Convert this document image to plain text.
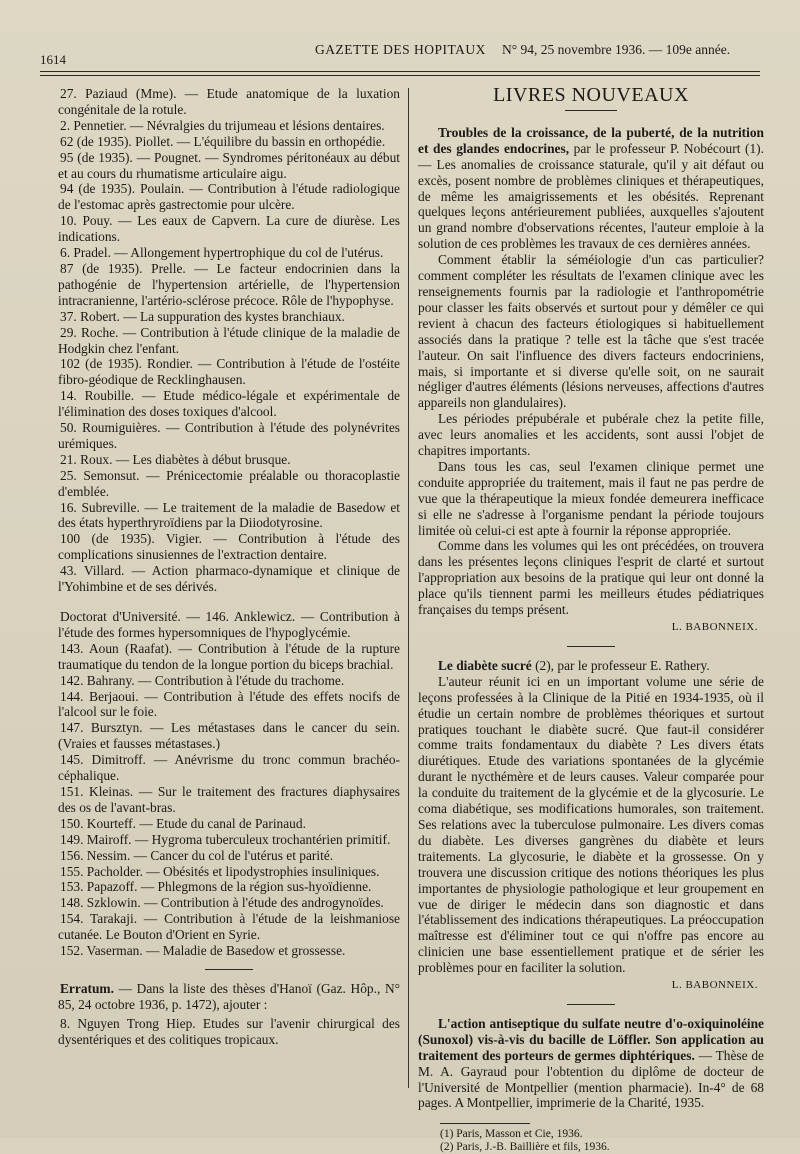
1614
GAZETTE DES HOPITAUX N° 94, 25 novembre 1936. — 109e année.
27. Paziaud (Mme). — Etude anatomique de la luxation congénitale de la rotule.
2. Pennetier. — Névralgies du trijumeau et lésions dentaires.
62 (de 1935). Piollet. — L'équilibre du bassin en orthopédie.
95 (de 1935). — Pougnet. — Syndromes péritonéaux au début et au cours du rhumatisme articulaire aigu.
94 (de 1935). Poulain. — Contribution à l'étude radiologique de l'estomac après gastrectomie pour ulcère.
10. Pouy. — Les eaux de Capvern. La cure de diurèse. Les indications.
6. Pradel. — Allongement hypertrophique du col de l'utérus.
87 (de 1935). Prelle. — Le facteur endocrinien dans la pathogénie de l'hypertension artérielle, de l'hypertension intracranienne, l'artério-sclérose précoce. Rôle de l'hypophyse.
37. Robert. — La suppuration des kystes branchiaux.
29. Roche. — Contribution à l'étude clinique de la maladie de Hodgkin chez l'enfant.
102 (de 1935). Rondier. — Contribution à l'étude de l'ostéite fibro-géodique de Recklinghausen.
14. Roubille. — Etude médico-légale et expérimentale de l'élimination des doses toxiques d'alcool.
50. Roumiguières. — Contribution à l'étude des polynévrites urémiques.
21. Roux. — Les diabètes à début brusque.
25. Semonsut. — Prénicectomie préalable ou thoracoplastie d'emblée.
16. Subreville. — Le traitement de la maladie de Basedow et des états hyperthryroïdiens par la Diiodotyrosine.
100 (de 1935). Vigier. — Contribution à l'étude des complications sinusiennes de l'extraction dentaire.
43. Villard. — Action pharmaco-dynamique et clinique de l'Yohimbine et de ses dérivés.
Doctorat d'Université. — 146. Anklewicz. — Contribution à l'étude des formes hypersomniques de l'hypoglycémie.
143. Aoun (Raafat). — Contribution à l'étude de la rupture traumatique du tendon de la longue portion du biceps brachial.
142. Bahrany. — Contribution à l'étude du trachome.
144. Berjaoui. — Contribution à l'étude des effets nocifs de l'alcool sur le foie.
147. Bursztyn. — Les métastases dans le cancer du sein. (Vraies et fausses métastases.)
145. Dimitroff. — Anévrisme du tronc commun brachéo-céphalique.
151. Kleinas. — Sur le traitement des fractures diaphysaires des os de l'avant-bras.
150. Kourteff. — Etude du canal de Parinaud.
149. Mairoff. — Hygroma tuberculeux trochantérien primitif.
156. Nessim. — Cancer du col de l'utérus et parité.
155. Pacholder. — Obésités et lipodystrophies insuliniques.
153. Papazoff. — Phlegmons de la région sus-hyoïdienne.
148. Szklowin. — Contribution à l'étude des androgynoïdes.
154. Tarakaji. — Contribution à l'étude de la leishmaniose cutanée. Le Bouton d'Orient en Syrie.
152. Vaserman. — Maladie de Basedow et grossesse.
Erratum. — Dans la liste des thèses d'Hanoï (Gaz. Hôp., N° 85, 24 octobre 1936, p. 1472), ajouter :
8. Nguyen Trong Hiep. Etudes sur l'avenir chirurgical des dysentériques et des colitiques tropicaux.
LIVRES NOUVEAUX
Troubles de la croissance, de la puberté, de la nutrition et des glandes endocrines, par le professeur P. Nobécourt (1). — Les anomalies de croissance staturale, qu'il y ait défaut ou excès, posent nombre de problèmes cliniques et thérapeutiques, de même les amaigrissements et les obésités. Reprenant quelques leçons antérieurement publiées, auxquelles s'ajoutent un grand nombre d'observations récentes, l'auteur emploie à la solution de ces problèmes les travaux de ces dernières années.
Comment établir la séméiologie d'un cas particulier? comment compléter les résultats de l'examen clinique avec les renseignements fournis par la radiologie et l'anthropométrie pour classer les faits observés et surtout pour y démêler ce qui revient à chacun des facteurs étiologiques si habituellement associés dans la pratique ? telle est la tâche que s'est tracée l'auteur. On sait l'influence des divers facteurs endocriniens, mais, si importante et si diverse qu'elle soit, on ne saurait négliger d'autres éléments (lésions nerveuses, affections d'autres appareils non glandulaires).
Les périodes prépubérale et pubérale chez la petite fille, avec leurs anomalies et les accidents, sont aussi l'objet de chapitres importants.
Dans tous les cas, seul l'examen clinique permet une conduite appropriée du traitement, mais il faut ne pas perdre de vue que la thérapeutique la mieux fondée demeurera inefficace si elle ne s'adresse à l'organisme pendant la période toujours limitée où celui-ci est apte à fournir la réponse appropriée.
Comme dans les volumes qui les ont précédées, on trouvera dans les présentes leçons cliniques l'esprit de clarté et surtout l'appropriation aux besoins de la pratique qui leur ont donné la place qu'ils tiennent parmi les meilleurs études pédiatriques françaises du temps présent.
L. BABONNEIX.
Le diabète sucré (2), par le professeur E. Rathery.
L'auteur réunit ici en un important volume une série de leçons professées à la Clinique de la Pitié en 1934-1935, où il étudie un certain nombre de problèmes théoriques et surtout pratiques touchant le diabète sucré. Que faut-il considérer comme traits fondamentaux du diabète ? Les divers états diurétiques. Etude des variations spontanées de la glycémie durant le nycthémère et de leurs causes. Valeur comparée pour la conduite du traitement de la glycémie et de la glycosurie. Le coma diabétique, ses modifications humorales, son traitement. Ses relations avec la tuberculose pulmonaire. Les divers comas du diabète. Les diverses gangrènes du diabète et leurs traitements. La glycosurie, le diabète et la grossesse. On y trouvera une discussion critique des notions théoriques les plus importantes de physiologie pathologique et leur groupement en vue de diriger le médecin dans son diagnostic et dans l'établissement des indications thérapeutiques. La préoccupation maîtresse est d'éliminer tout ce qui n'offre pas encore au clinicien une base essentiellement pratique et de sérier les problèmes pour en faciliter la solution.
L. BABONNEIX.
L'action antiseptique du sulfate neutre d'o-oxiquinoléine (Sunoxol) vis-à-vis du bacille de Löffler. Son application au traitement des porteurs de germes diphtériques. — Thèse de M. A. Gayraud pour l'obtention du diplôme de docteur de l'Université de Montpellier (mention pharmacie). In-4° de 68 pages. A Montpellier, imprimerie de la Charité, 1935.
(1) Paris, Masson et Cie, 1936.
(2) Paris, J.-B. Baillière et fils, 1936.
